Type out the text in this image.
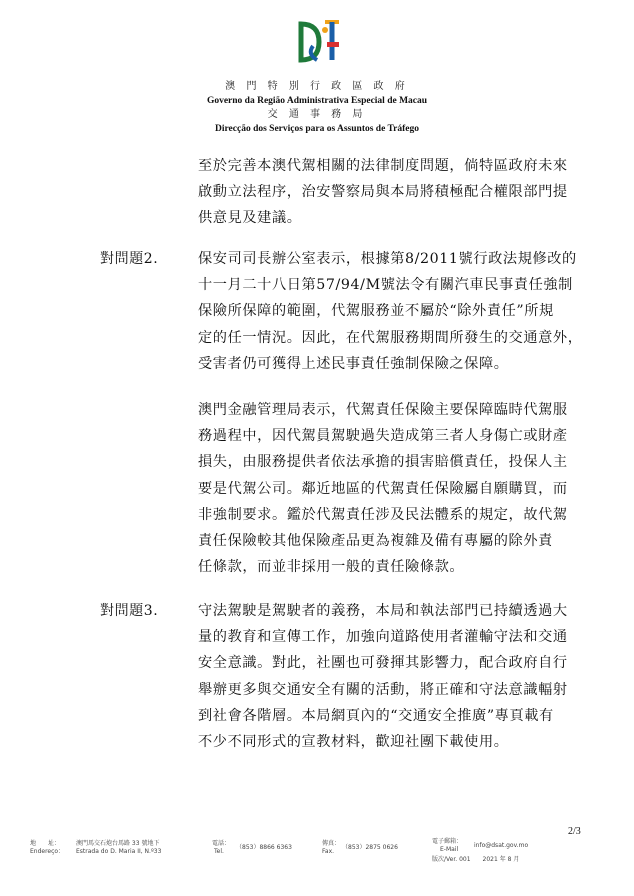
澳 門 特 別 行 政 區 政 府
Governo da Região Administrativa Especial de Macau
交 通 事 務 局
Direcção dos Serviços para os Assuntos de Tráfego
至於完善本澳代駕相關的法律制度問題，倘特區政府未來
啟動立法程序，治安警察局與本局將積極配合權限部門提
供意見及建議。
對問題2.	保安司司長辦公室表示，根據第8/2011號行政法規修改的
十一月二十八日第57/94/M號法令有關汽車民事責任強制
保險所保障的範圍，代駕服務並不屬於“除外責任”所規
定的任一情況。因此，在代駕服務期間所發生的交通意外，
受害者仍可獲得上述民事責任強制保險之保障。
澳門金融管理局表示，代駕責任保險主要保障臨時代駕服
務過程中，因代駕員駕駛過失造成第三者人身傷亡或財產
損失，由服務提供者依法承擔的損害賠償責任，投保人主
要是代駕公司。鄰近地區的代駕責任保險屬自願購買，而
非強制要求。鑑於代駕責任涉及民法體系的規定，故代駕
責任保險較其他保險產品更為複雜及備有專屬的除外責
任條款，而並非採用一般的責任險條款。
對問題3.	守法駕駛是駕駛者的義務，本局和執法部門已持續透過大
量的教育和宣傳工作，加強向道路使用者灌輸守法和交通
安全意識。對此，社團也可發揮其影響力，配合政府自行
舉辦更多與交通安全有關的活動，將正確和守法意識輻射
到社會各階層。本局網頁內的“交通安全推廣”專頁載有
不少不同形式的宣教材料，歡迎社團下載使用。
2/3
地　　址：
Endereço：
澳門馬交石炮台馬路 33 號地下
Estrada do D. Maria II, N.º33
電話：
Tel.
（853）8866 6363
傳真：
Fax.
（853）2875 0626
電子郵箱：
E-Mail
info@dsat.gov.mo
版次/Ver. 001　　2021 年 8 月
